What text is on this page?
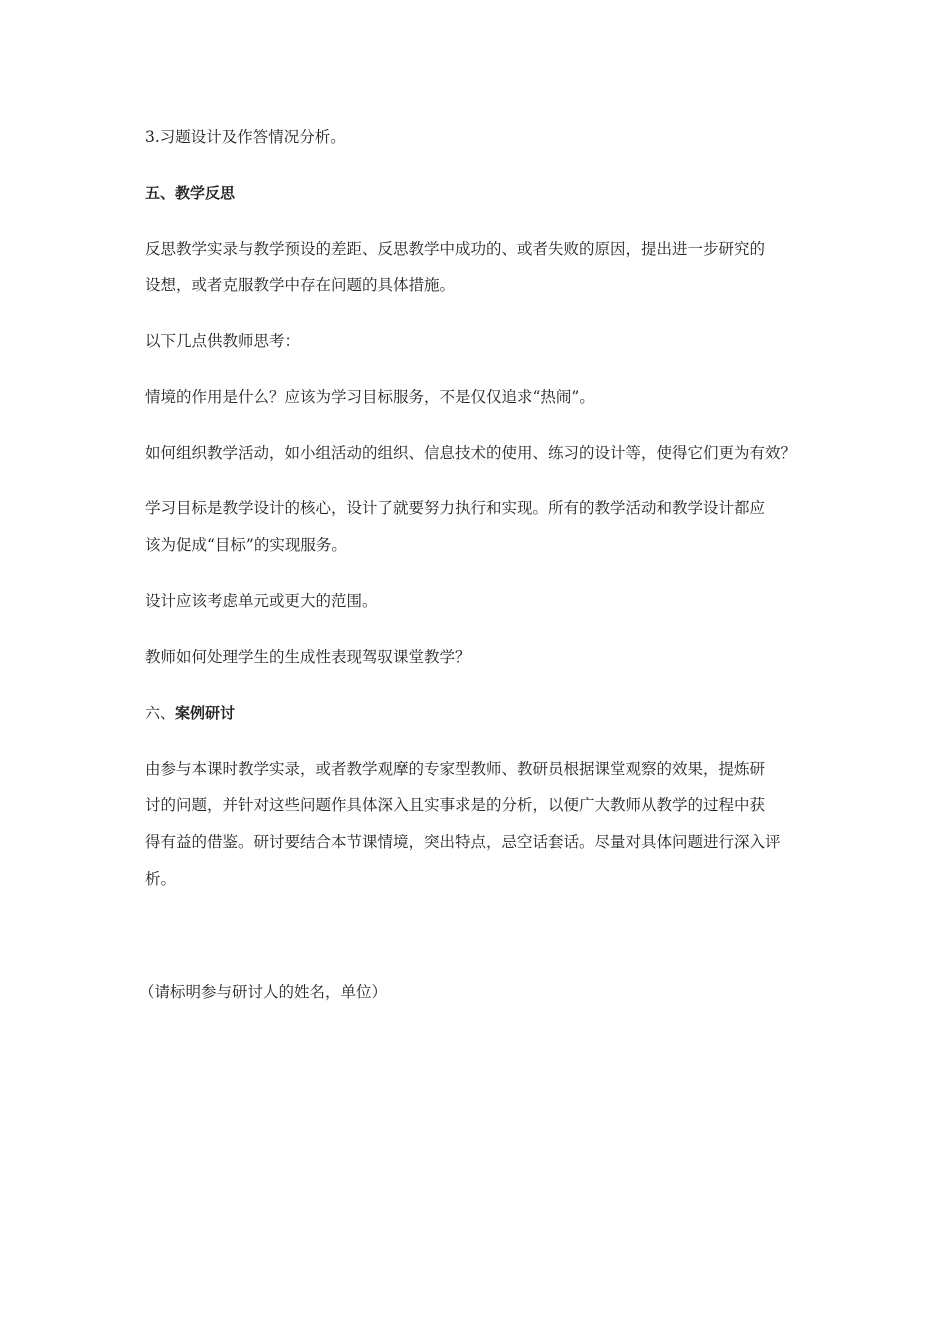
3.习题设计及作答情况分析。
五、教学反思
反思教学实录与教学预设的差距、反思教学中成功的、或者失败的原因，提出进一步研究的
设想，或者克服教学中存在问题的具体措施。
以下几点供教师思考：
情境的作用是什么？应该为学习目标服务，不是仅仅追求“热闹”。
如何组织教学活动，如小组活动的组织、信息技术的使用、练习的设计等，使得它们更为有效？
学习目标是教学设计的核心，设计了就要努力执行和实现。所有的教学活动和教学设计都应
该为促成“目标”的实现服务。
设计应该考虑单元或更大的范围。
教师如何处理学生的生成性表现驾驭课堂教学？
六、案例研讨
由参与本课时教学实录，或者教学观摩的专家型教师、教研员根据课堂观察的效果，提炼研
讨的问题，并针对这些问题作具体深入且实事求是的分析，以便广大教师从教学的过程中获
得有益的借鉴。研讨要结合本节课情境，突出特点，忌空话套话。尽量对具体问题进行深入评
析。
（请标明参与研讨人的姓名，单位）
